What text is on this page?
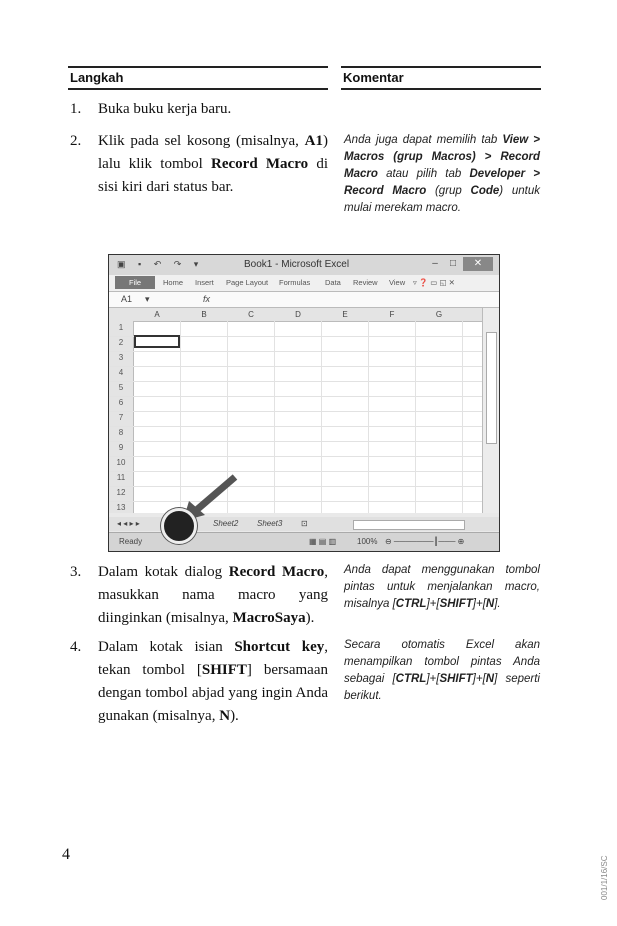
Langkah	Komentar
1. Buka buku kerja baru.
2. Klik pada sel kosong (misalnya, A1) lalu klik tombol Record Macro di sisi kiri dari status bar.
Anda juga dapat memilih tab View > Macros (grup Macros) > Record Macro atau pilih tab Developer > Record Macro (grup Code) untuk mulai merekam macro.
▣ ▪ ↶ ↷ ▾	Book1 - Microsoft Excel	–	□	✕
File	Home Insert Page Layout Formulas Data Review View ▿ ❓ ▭ ◱ ✕
A1 ▾	fx
A	B	C	D	E	F	G
1
2
3
4
5
6
7
8
9
10
11
12
13
◂ ◂ ▸ ▸	Sheet2 Sheet3 ⊡
Ready	▦ ▤ ▥	100% ⊖ ───────┃─── ⊕
3. Dalam kotak dialog Record Macro, masukkan nama macro yang diinginkan (misalnya, MacroSaya).
Anda dapat menggunakan tombol pintas untuk menjalankan macro, misalnya [CTRL]+[SHIFT]+[N].
4. Dalam kotak isian Shortcut key, tekan tombol [SHIFT] bersamaan dengan tombol abjad yang ingin Anda gunakan (misalnya, N).
Secara otomatis Excel akan menampilkan tombol pintas Anda sebagai [CTRL]+[SHIFT]+[N] seperti berikut.
4
001/1/16/SC
